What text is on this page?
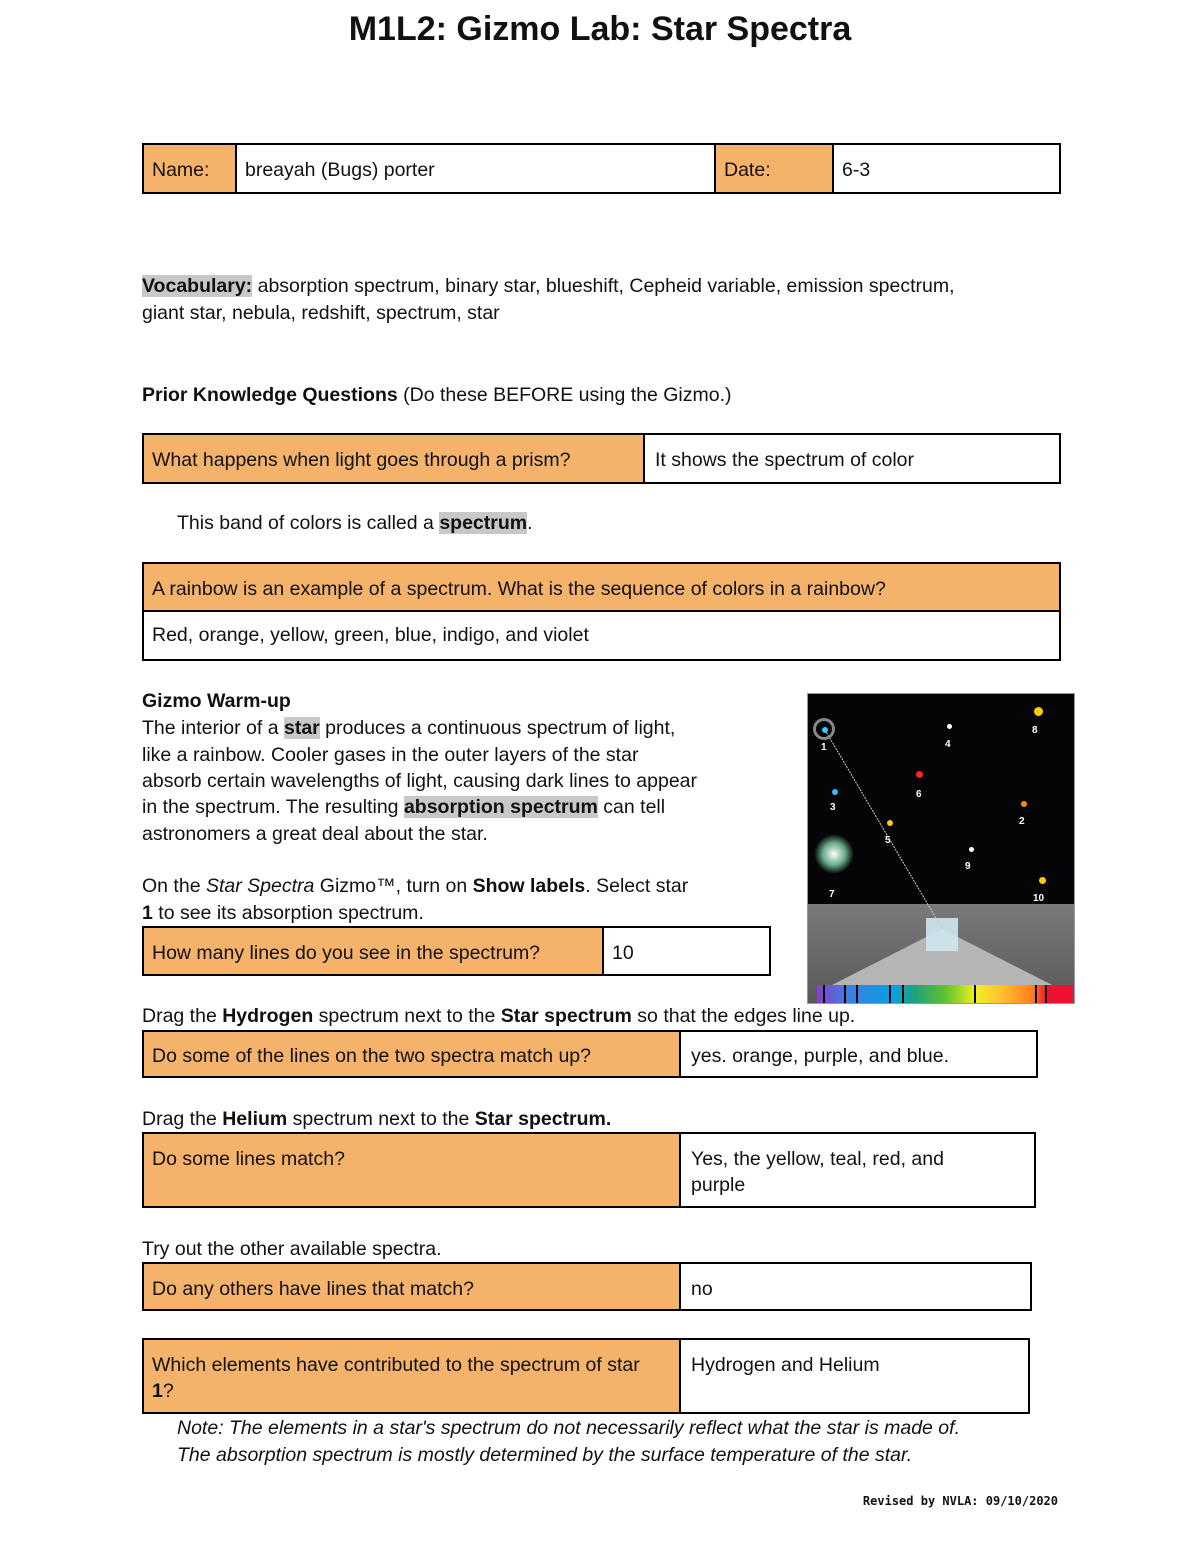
M1L2: Gizmo Lab: Star Spectra
Name:	breayah (Bugs) porter	Date:	6-3
Vocabulary: absorption spectrum, binary star, blueshift, Cepheid variable, emission spectrum,
giant star, nebula, redshift, spectrum, star
Prior Knowledge Questions (Do these BEFORE using the Gizmo.)
What happens when light goes through a prism?	It shows the spectrum of color
This band of colors is called a spectrum.
A rainbow is an example of a spectrum. What is the sequence of colors in a rainbow?
Red, orange, yellow, green, blue, indigo, and violet
Gizmo Warm-up
The interior of a star produces a continuous spectrum of light,
like a rainbow. Cooler gases in the outer layers of the star
absorb certain wavelengths of light, causing dark lines to appear
in the spectrum. The resulting absorption spectrum can tell
astronomers a great deal about the star.
On the Star Spectra Gizmo™, turn on Show labels. Select star
1 to see its absorption spectrum.
How many lines do you see in the spectrum?	10
1
2
3
4
5
6
7
8
9
10
Drag the Hydrogen spectrum next to the Star spectrum so that the edges line up.
Do some of the lines on the two spectra match up?	yes. orange, purple, and blue.
Drag the Helium spectrum next to the Star spectrum.
Do some lines match?	Yes, the yellow, teal, red, and purple
Try out the other available spectra.
Do any others have lines that match?	no
Which elements have contributed to the spectrum of star 1?
Hydrogen and Helium
Note: The elements in a star's spectrum do not necessarily reflect what the star is made of.
The absorption spectrum is mostly determined by the surface temperature of the star.
Revised by NVLA: 09/10/2020
